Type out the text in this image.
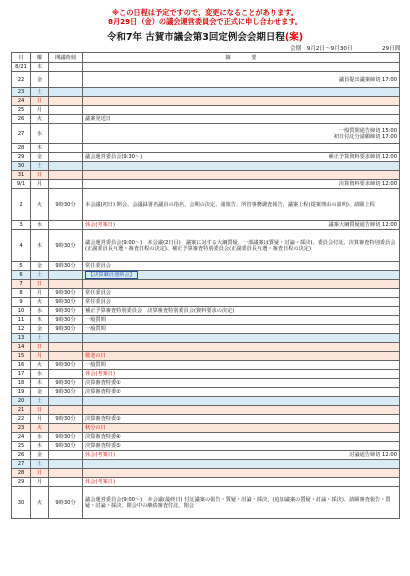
※この日程は予定ですので、変更になることがあります。
8月29日（金）の議会運営委員会で正式に申し合わせます。
令和7年 古賀市議会第3回定例会会期日程(案)
会期　9月2日～9月30日	29日間
日	曜	開議時刻	摘　　　　要
8/21	木		
22	金		議員提出議案締切 17:00

23	土		
24	日		
25	月		
26	火		議案発送日
27	水		一般質問通告締切 15:00
初日付託分請願締切 17:00

28	木		
29	金		議会運営委員会(9:30～) 補正予算資料要求締切 12:00

30	土		
31	日		
9/1	月		決算資料要求締切 12:00

2	火	9時30分	本会議(初日) 開会、会議録署名議員の指名、会期の決定、諸報告、所管事務調査報告、議案上程(提案理由の説明)、請願上程
3	水		休会(考案日) 議案大綱質疑通告締切 12:00

4	木	9時30分	議会運営委員会(9:00～)　本会議(2日目)　議案に対する大綱質疑、一部議案は質疑・討論・採決)、委員会付託、決算審査特別委員会(正副委員長互選・審査日程の決定)、補正予算審査特別委員会(正副委員長互選・審査日程の決定)
5	金	9時30分	常任委員会
6	土		【決算職員連絡会】
7	日		
8	月	9時30分	常任委員会
9	火	9時30分	常任委員会
10	水	9時30分	補正予算審査特別委員会　決算審査特別委員会(資料要求の決定)
11	木	9時30分	一般質問
12	金	9時30分	一般質問
13	土		
14	日		
15	月		敬老の日
16	火	9時30分	一般質問
17	水		休会(考案日)
18	木	9時30分	決算審査特委①
19	金	9時30分	決算審査特委②
20	土		
21	日		
22	月	9時30分	決算審査特委③
23	火		秋分の日
24	水	9時30分	決算審査特委④
25	木	9時30分	決算審査特委⑤
26	金		休会(考案日) 討論通告締切 12:00

27	土		
28	日		
29	月		休会(考案日)
30	火	9時30分	議会運営委員会(9:00～)　本会議(最終日) 付託議案の報告・質疑・討論・採決、(追加議案の質疑・討論・採決)、請願審査報告・質疑・討論・採決、閉会中の継続審査付託、閉会
